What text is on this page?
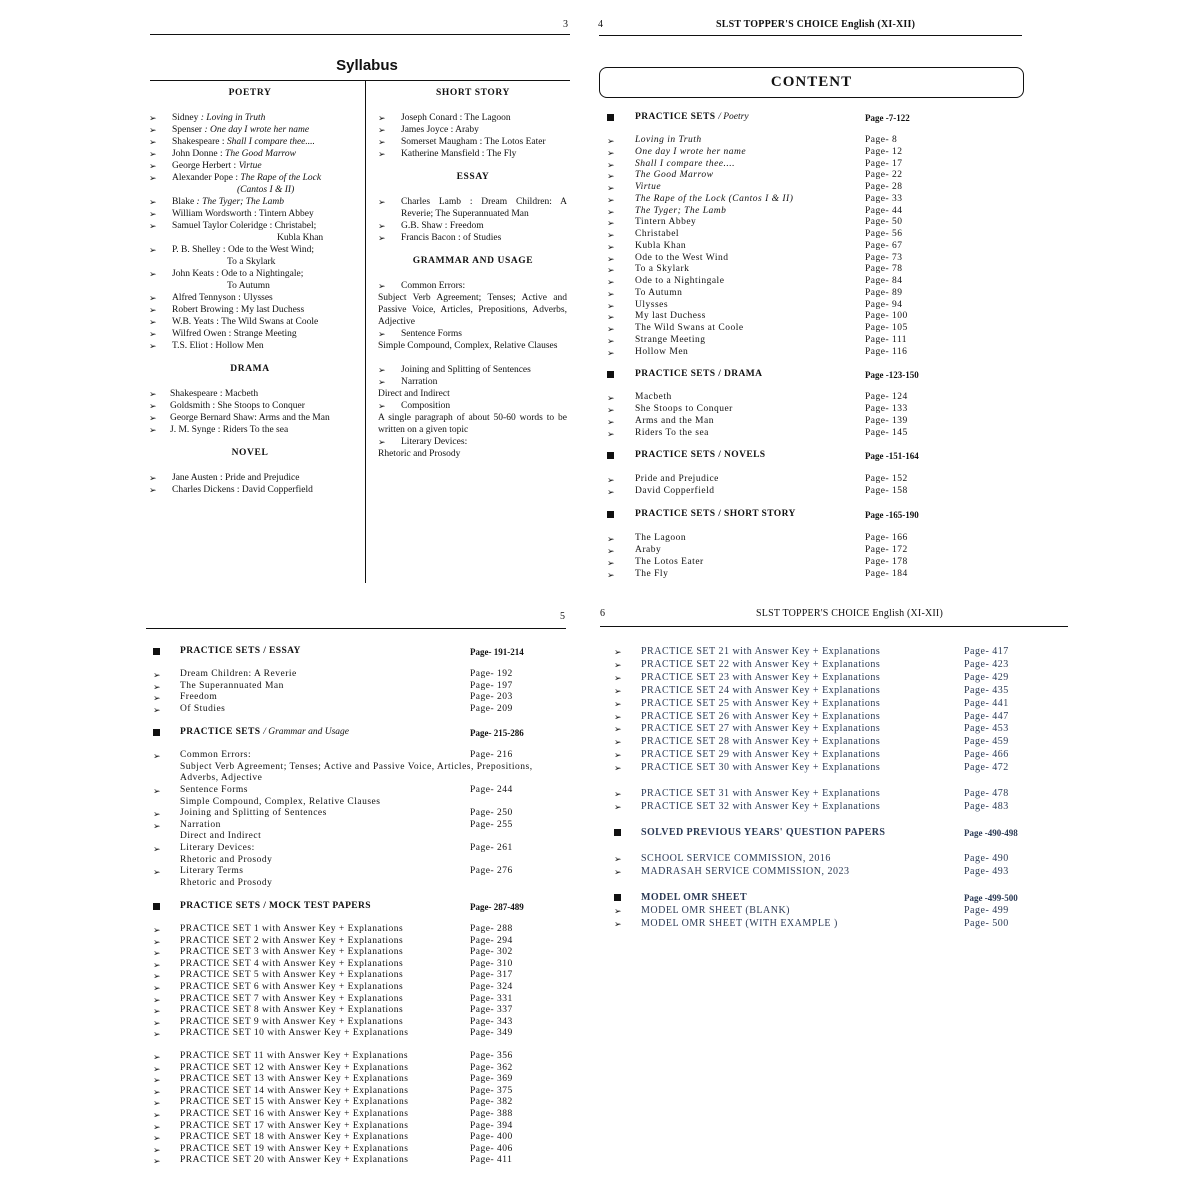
3
Syllabus
POETRY
➢ Sidney : Loving in Truth
➢ Spenser : One day I wrote her name
➢ Shakespeare : Shall I compare thee....
➢ John Donne : The Good Marrow
➢ George Herbert : Virtue
➢ Alexander Pope : The Rape of the Lock
(Cantos I & II)
➢ Blake : The Tyger; The Lamb
➢ William Wordsworth : Tintern Abbey
➢ Samuel Taylor Coleridge : Christabel;
Kubla Khan
➢ P. B. Shelley : Ode to the West Wind;
To a Skylark
➢ John Keats : Ode to a Nightingale;
To Autumn
➢ Alfred Tennyson : Ulysses
➢ Robert Browing : My last Duchess
➢ W.B. Yeats : The Wild Swans at Coole
➢ Wilfred Owen : Strange Meeting
➢ T.S. Eliot : Hollow Men
DRAMA
➢ Shakespeare : Macbeth
➢ Goldsmith : She Stoops to Conquer
➢ George Bernard Shaw: Arms and the Man
➢ J. M. Synge : Riders To the sea
NOVEL
➢ Jane Austen : Pride and Prejudice
➢ Charles Dickens : David Copperfield
SHORT STORY
➢ Joseph Conard : The Lagoon
➢ James Joyce : Araby
➢ Somerset Maugham : The Lotos Eater
➢ Katherine Mansfield : The Fly
ESSAY
➢ Charles Lamb : Dream Children: A Reverie; The Superannuated Man
➢ G.B. Shaw : Freedom
➢ Francis Bacon : of Studies
GRAMMAR AND USAGE
➢ Common Errors:
Subject Verb Agreement; Tenses; Active and Passive Voice, Articles, Prepositions, Adverbs, Adjective
➢ Sentence Forms
Simple Compound, Complex, Relative Clauses
➢ Joining and Splitting of Sentences
➢ Narration
Direct and Indirect
➢ Composition
A single paragraph of about 50-60 words to be written on a given topic
➢ Literary Devices:
Rhetoric and Prosody
4	SLST TOPPER'S CHOICE English (XI-XII)
CONTENT
PRACTICE SETS / Poetry	Page -7-122
➢ Loving in Truth	Page- 8
➢ One day I wrote her name	Page- 12
➢ Shall I compare thee....	Page- 17
➢ The Good Marrow	Page- 22
➢ Virtue	Page- 28
➢ The Rape of the Lock (Cantos I & II)	Page- 33
➢ The Tyger; The Lamb	Page- 44
➢ Tintern Abbey	Page- 50
➢ Christabel	Page- 56
➢ Kubla Khan	Page- 67
➢ Ode to the West Wind	Page- 73
➢ To a Skylark	Page- 78
➢ Ode to a Nightingale	Page- 84
➢ To Autumn	Page- 89
➢ Ulysses	Page- 94
➢ My last Duchess	Page- 100
➢ The Wild Swans at Coole	Page- 105
➢ Strange Meeting	Page- 111
➢ Hollow Men	Page- 116
PRACTICE SETS / DRAMA	Page -123-150
➢ Macbeth	Page- 124
➢ She Stoops to Conquer	Page- 133
➢ Arms and the Man	Page- 139
➢ Riders To the sea	Page- 145
PRACTICE SETS / NOVELS	Page -151-164
➢ Pride and Prejudice	Page- 152
➢ David Copperfield	Page- 158
PRACTICE SETS / SHORT STORY	Page -165-190
➢ The Lagoon	Page- 166
➢ Araby	Page- 172
➢ The Lotos Eater	Page- 178
➢ The Fly	Page- 184
5
PRACTICE SETS / ESSAY	Page- 191-214
➢ Dream Children: A Reverie	Page- 192
➢ The Superannuated Man	Page- 197
➢ Freedom	Page- 203
➢ Of Studies	Page- 209
PRACTICE SETS / Grammar and Usage	Page- 215-286
➢ Common Errors:	Page- 216
Subject Verb Agreement; Tenses; Active and Passive Voice, Articles, Prepositions,
Adverbs, Adjective
➢ Sentence Forms	Page- 244
Simple Compound, Complex, Relative Clauses
➢ Joining and Splitting of Sentences	Page- 250
➢ Narration	Page- 255
Direct and Indirect
➢ Literary Devices:	Page- 261
Rhetoric and Prosody
➢ Literary Terms	Page- 276
Rhetoric and Prosody
PRACTICE SETS / MOCK TEST PAPERS	Page- 287-489
➢ PRACTICE SET 1 with Answer Key + Explanations	Page- 288
➢ PRACTICE SET 2 with Answer Key + Explanations	Page- 294
➢ PRACTICE SET 3 with Answer Key + Explanations	Page- 302
➢ PRACTICE SET 4 with Answer Key + Explanations	Page- 310
➢ PRACTICE SET 5 with Answer Key + Explanations	Page- 317
➢ PRACTICE SET 6 with Answer Key + Explanations	Page- 324
➢ PRACTICE SET 7 with Answer Key + Explanations	Page- 331
➢ PRACTICE SET 8 with Answer Key + Explanations	Page- 337
➢ PRACTICE SET 9 with Answer Key + Explanations	Page- 343
➢ PRACTICE SET 10 with Answer Key + Explanations	Page- 349
➢ PRACTICE SET 11 with Answer Key + Explanations	Page- 356
➢ PRACTICE SET 12 with Answer Key + Explanations	Page- 362
➢ PRACTICE SET 13 with Answer Key + Explanations	Page- 369
➢ PRACTICE SET 14 with Answer Key + Explanations	Page- 375
➢ PRACTICE SET 15 with Answer Key + Explanations	Page- 382
➢ PRACTICE SET 16 with Answer Key + Explanations	Page- 388
➢ PRACTICE SET 17 with Answer Key + Explanations	Page- 394
➢ PRACTICE SET 18 with Answer Key + Explanations	Page- 400
➢ PRACTICE SET 19 with Answer Key + Explanations	Page- 406
➢ PRACTICE SET 20 with Answer Key + Explanations	Page- 411
6	SLST TOPPER'S CHOICE English (XI-XII)
➢ PRACTICE SET 21 with Answer Key + Explanations	Page- 417
➢ PRACTICE SET 22 with Answer Key + Explanations	Page- 423
➢ PRACTICE SET 23 with Answer Key + Explanations	Page- 429
➢ PRACTICE SET 24 with Answer Key + Explanations	Page- 435
➢ PRACTICE SET 25 with Answer Key + Explanations	Page- 441
➢ PRACTICE SET 26 with Answer Key + Explanations	Page- 447
➢ PRACTICE SET 27 with Answer Key + Explanations	Page- 453
➢ PRACTICE SET 28 with Answer Key + Explanations	Page- 459
➢ PRACTICE SET 29 with Answer Key + Explanations	Page- 466
➢ PRACTICE SET 30 with Answer Key + Explanations	Page- 472
➢ PRACTICE SET 31 with Answer Key + Explanations	Page- 478
➢ PRACTICE SET 32 with Answer Key + Explanations	Page- 483
SOLVED PREVIOUS YEARS' QUESTION PAPERS	Page -490-498
➢ SCHOOL SERVICE COMMISSION, 2016	Page- 490
➢ MADRASAH SERVICE COMMISSION, 2023	Page- 493
MODEL OMR SHEET	Page -499-500
➢ MODEL OMR SHEET (BLANK)	Page- 499
➢ MODEL OMR SHEET (WITH EXAMPLE )	Page- 500
